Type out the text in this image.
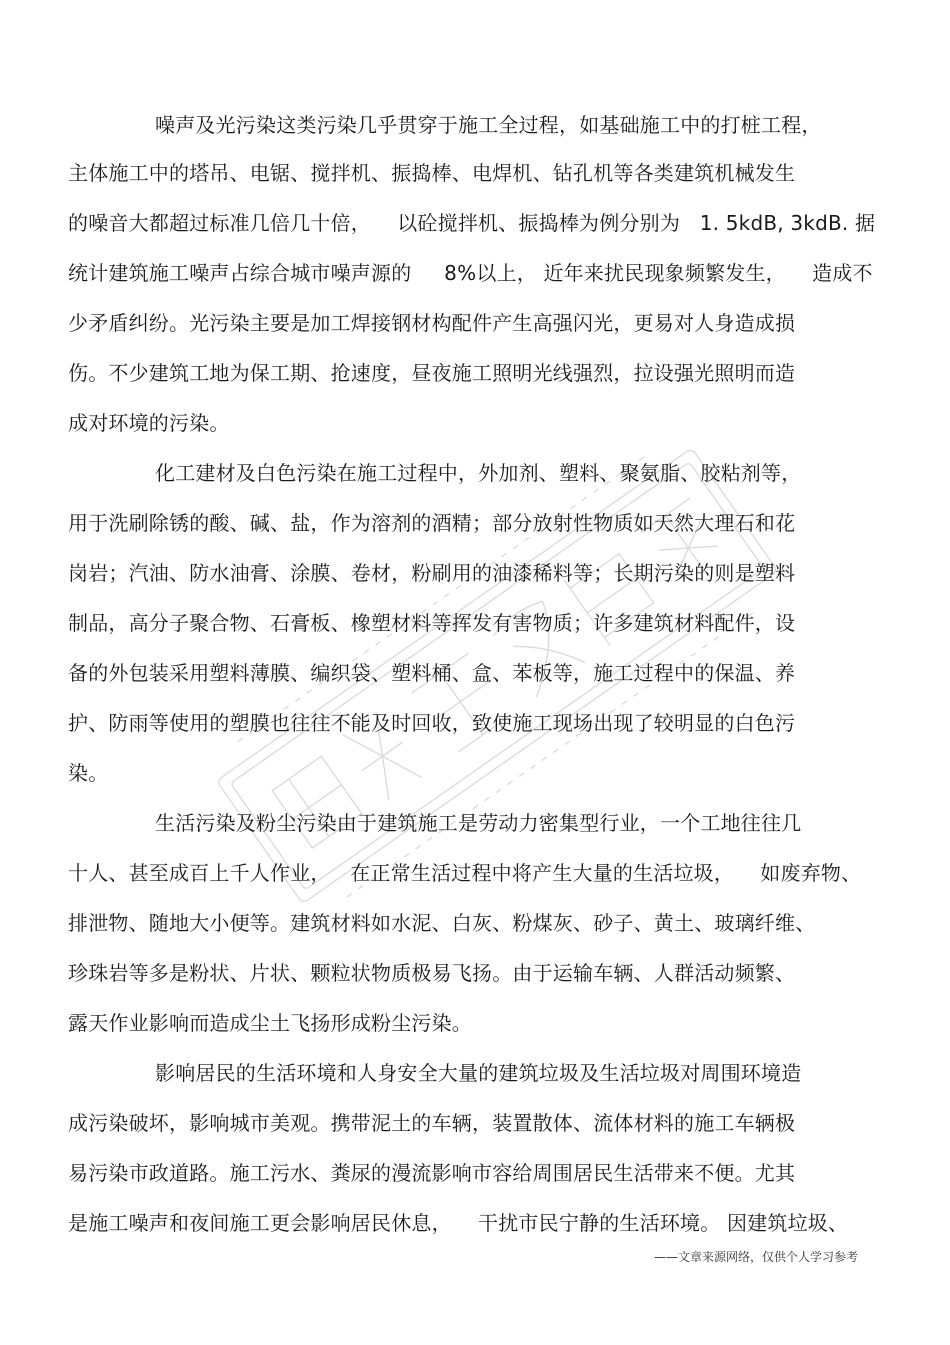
噪声及光污染这类污染几乎贯穿于施工全过程，如基础施工中的打桩工程，
主体施工中的塔吊、电锯、搅拌机、振捣棒、电焊机、钻孔机等各类建筑机械发生
的噪音大都超过标准几倍几十倍，    以砼搅拌机、振捣棒为例分别为   1. 5kdB, 3kdB. 据
统计建筑施工噪声占综合城市噪声源的     8%以上， 近年来扰民现象频繁发生，    造成不
少矛盾纠纷。光污染主要是加工焊接钢材构配件产生高强闪光，更易对人身造成损
伤。不少建筑工地为保工期、抢速度，昼夜施工照明光线强烈，拉设强光照明而造
成对环境的污染。
化工建材及白色污染在施工过程中，外加剂、塑料、聚氨脂、胶粘剂等，
用于洗刷除锈的酸、碱、盐，作为溶剂的酒精；部分放射性物质如天然大理石和花
岗岩；汽油、防水油膏、涂膜、卷材，粉刷用的油漆稀料等；长期污染的则是塑料
制品，高分子聚合物、石膏板、橡塑材料等挥发有害物质；许多建筑材料配件，设
备的外包装采用塑料薄膜、编织袋、塑料桶、盒、苯板等，施工过程中的保温、养
护、防雨等使用的塑膜也往往不能及时回收，致使施工现场出现了较明显的白色污
染。
生活污染及粉尘污染由于建筑施工是劳动力密集型行业，一个工地往往几
十人、甚至成百上千人作业，   在正常生活过程中将产生大量的生活垃圾，    如废弃物、
排泄物、随地大小便等。建筑材料如水泥、白灰、粉煤灰、砂子、黄土、玻璃纤维、
珍珠岩等多是粉状、片状、颗粒状物质极易飞扬。由于运输车辆、人群活动频繁、
露天作业影响而造成尘土飞扬形成粉尘污染。
影响居民的生活环境和人身安全大量的建筑垃圾及生活垃圾对周围环境造
成污染破坏，影响城市美观。携带泥土的车辆，装置散体、流体材料的施工车辆极
易污染市政道路。施工污水、粪尿的漫流影响市容给周围居民生活带来不便。尤其
是施工噪声和夜间施工更会影响居民休息，    干扰市民宁静的生活环境。 因建筑垃圾、
——文章来源网络，仅供个人学习参考
